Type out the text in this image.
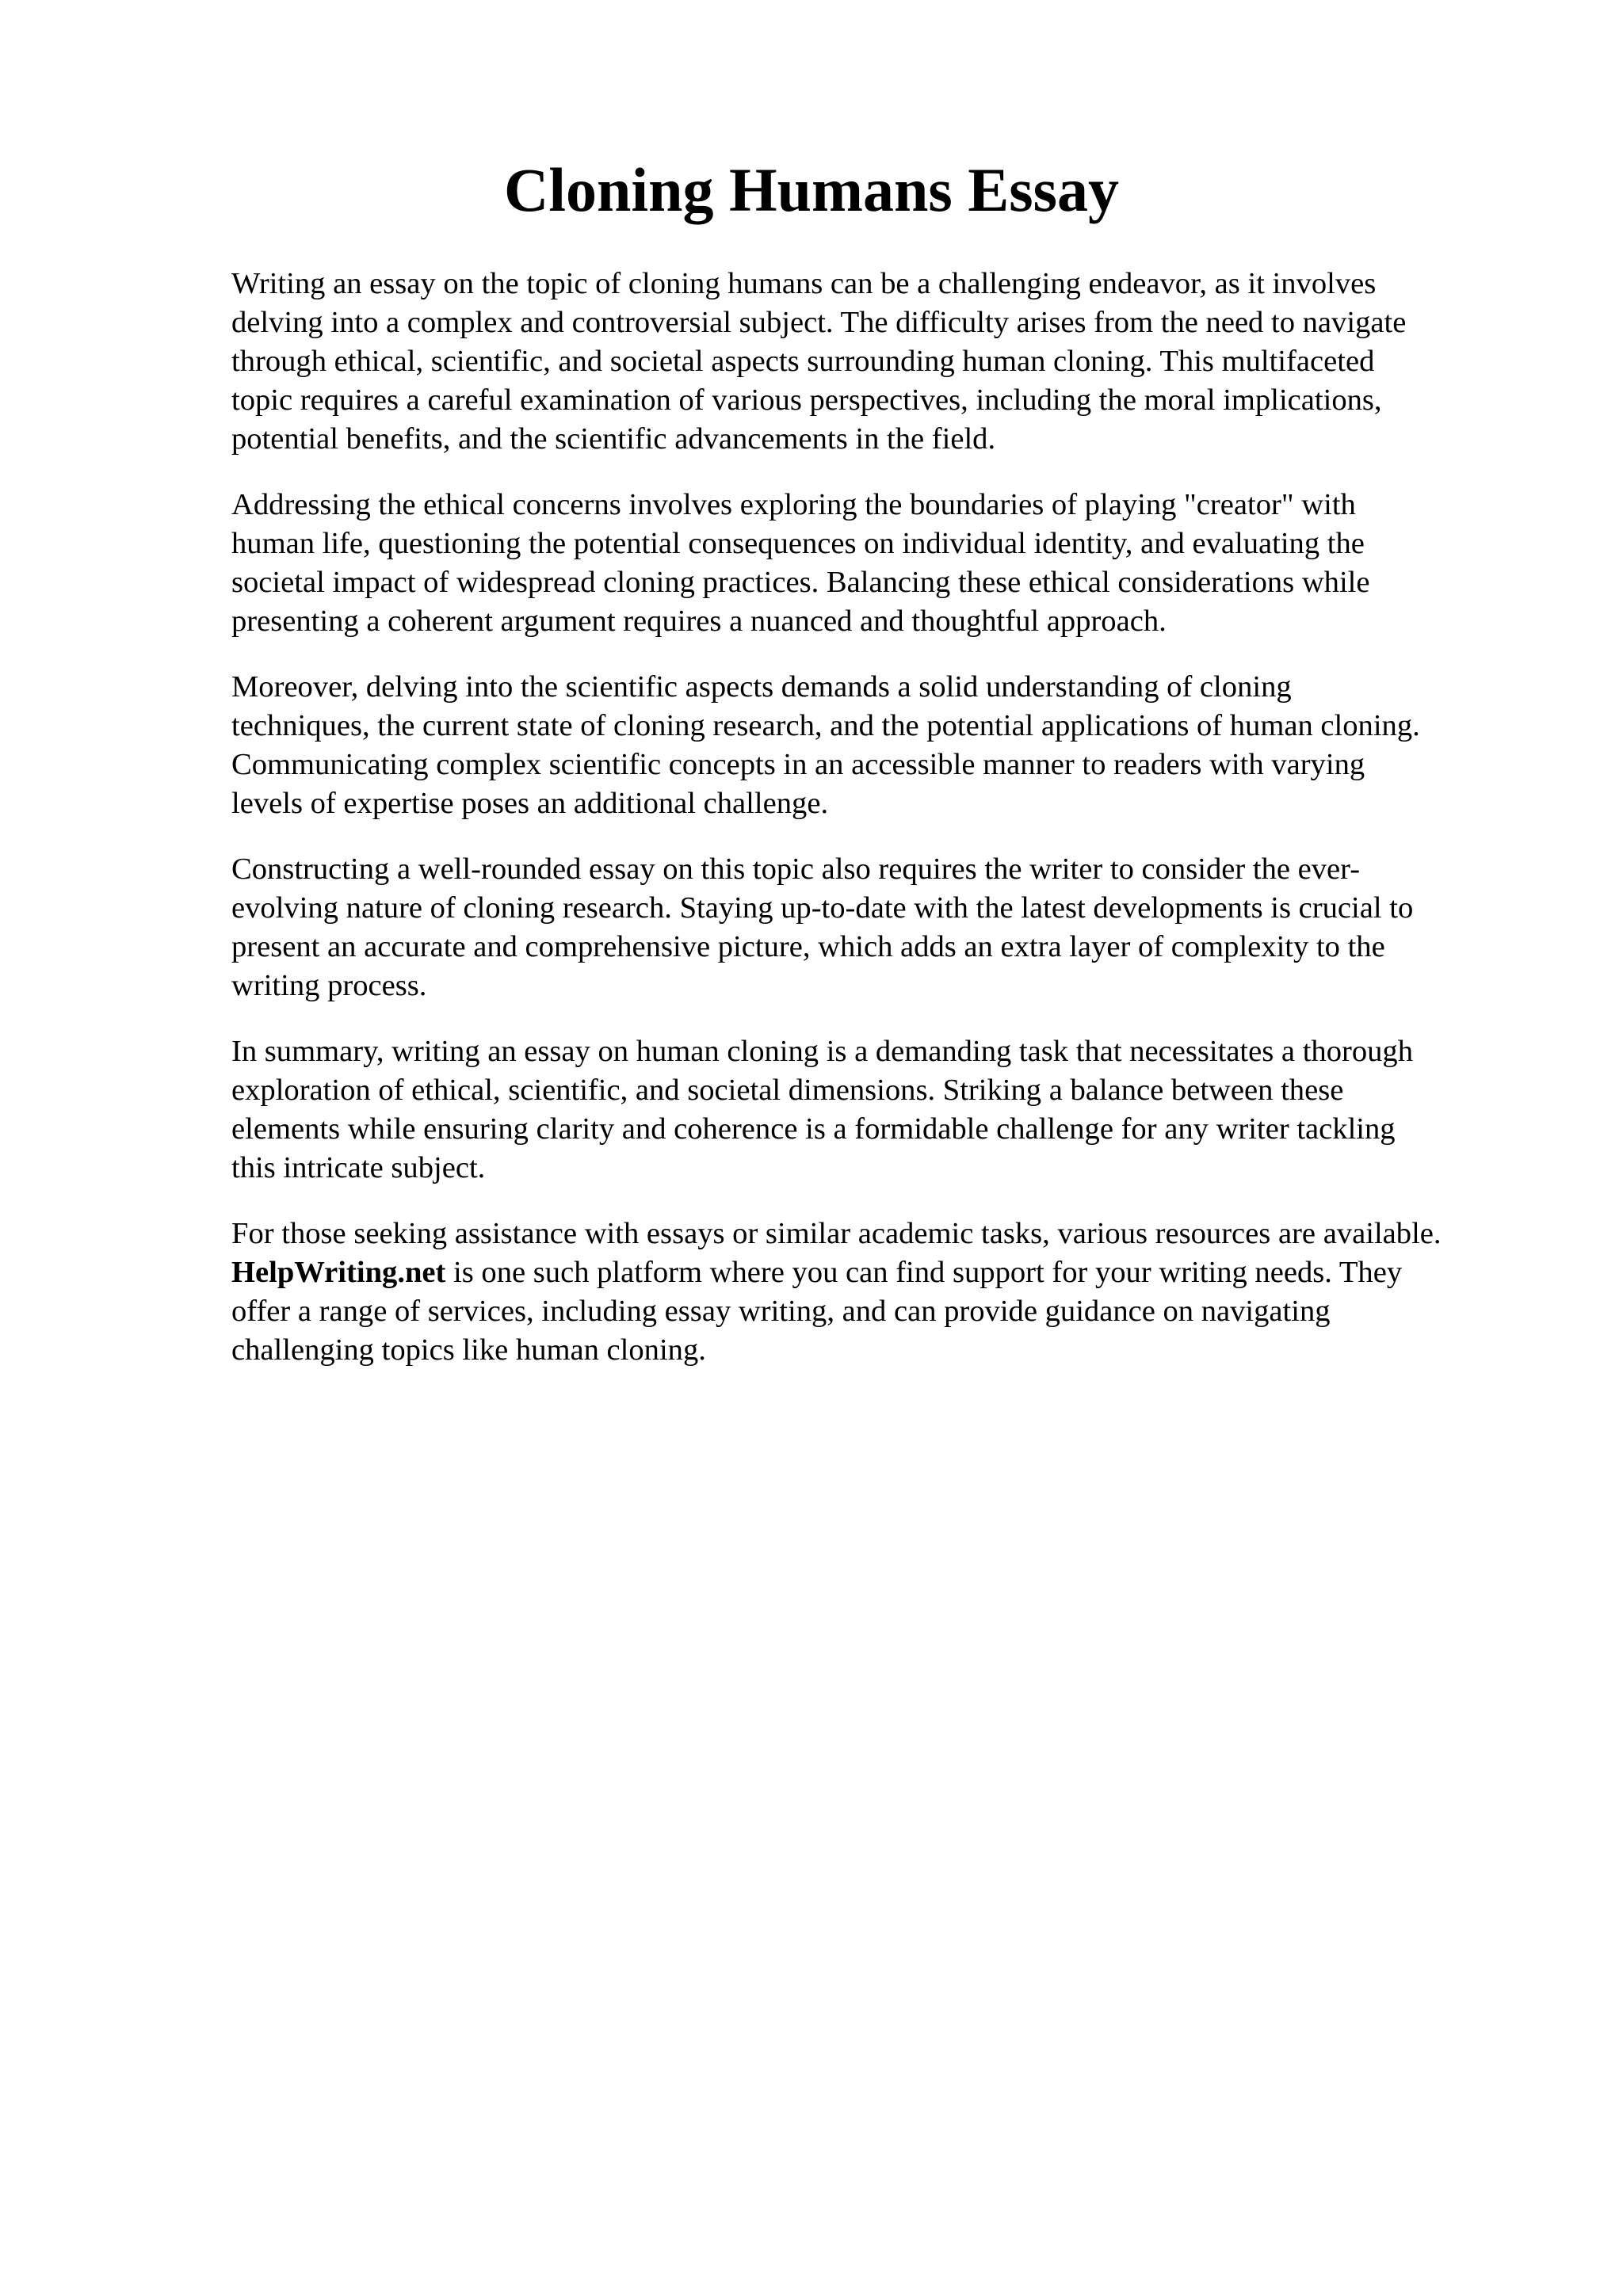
Cloning Humans Essay

Writing an essay on the topic of cloning humans can be a challenging endeavor, as it involves
delving into a complex and controversial subject. The difficulty arises from the need to navigate
through ethical, scientific, and societal aspects surrounding human cloning. This multifaceted
topic requires a careful examination of various perspectives, including the moral implications,
potential benefits, and the scientific advancements in the field.

Addressing the ethical concerns involves exploring the boundaries of playing "creator" with
human life, questioning the potential consequences on individual identity, and evaluating the
societal impact of widespread cloning practices. Balancing these ethical considerations while
presenting a coherent argument requires a nuanced and thoughtful approach.

Moreover, delving into the scientific aspects demands a solid understanding of cloning
techniques, the current state of cloning research, and the potential applications of human cloning.
Communicating complex scientific concepts in an accessible manner to readers with varying
levels of expertise poses an additional challenge.

Constructing a well-rounded essay on this topic also requires the writer to consider the ever-
evolving nature of cloning research. Staying up-to-date with the latest developments is crucial to
present an accurate and comprehensive picture, which adds an extra layer of complexity to the
writing process.

In summary, writing an essay on human cloning is a demanding task that necessitates a thorough
exploration of ethical, scientific, and societal dimensions. Striking a balance between these
elements while ensuring clarity and coherence is a formidable challenge for any writer tackling
this intricate subject.

For those seeking assistance with essays or similar academic tasks, various resources are available.
HelpWriting.net is one such platform where you can find support for your writing needs. They
offer a range of services, including essay writing, and can provide guidance on navigating
challenging topics like human cloning.
